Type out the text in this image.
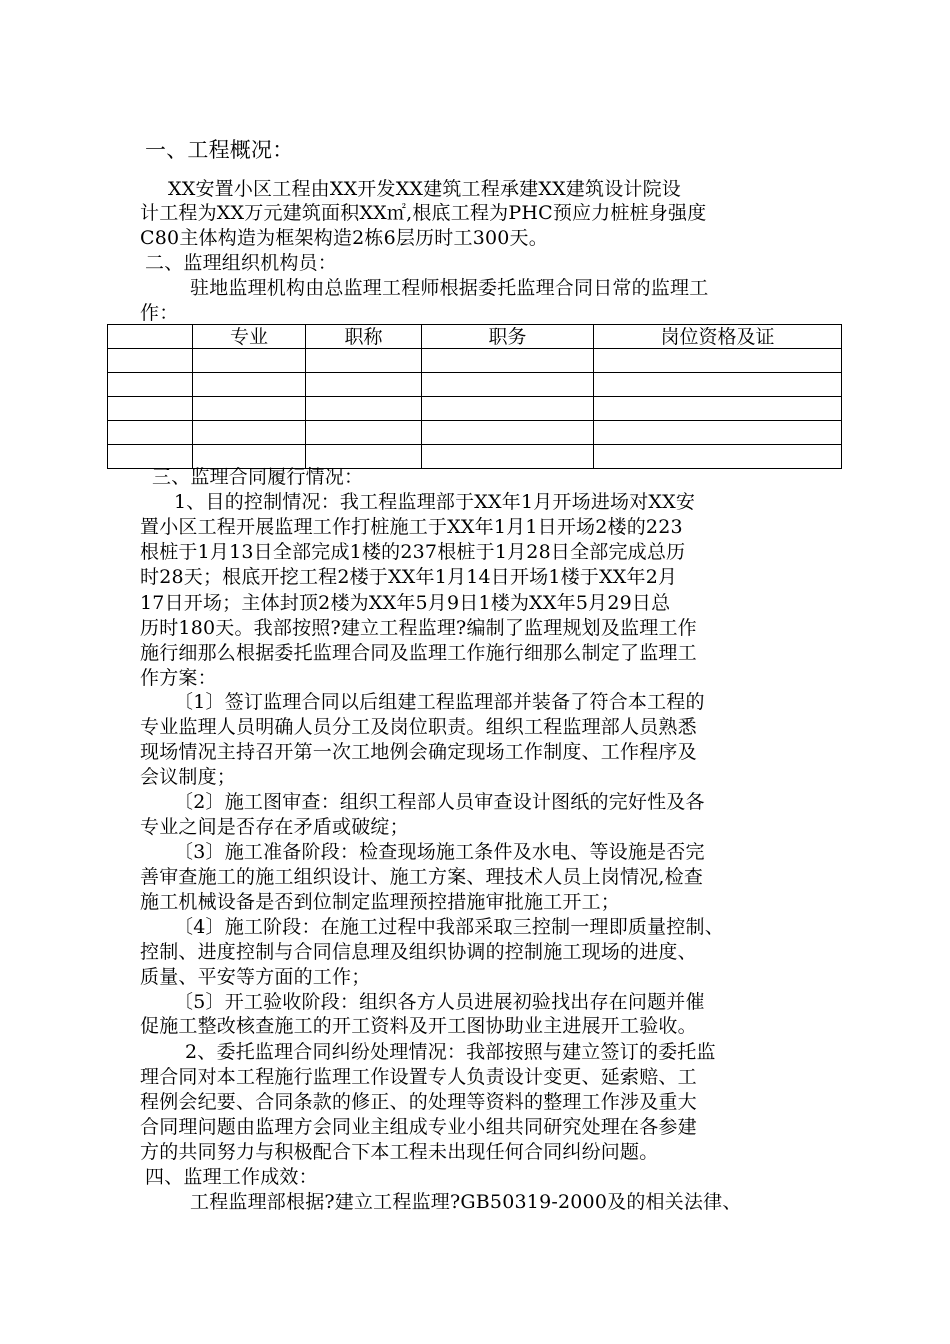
一、工程概况：
XX安置小区工程由XX开发XX建筑工程承建XX建筑设计院设
计工程为XX万元建筑面积XX㎡,根底工程为PHC预应力桩桩身强度
C80主体构造为框架构造2栋6层历时工300天。
二、监理组织机构员：
驻地监理机构由总监理工程师根据委托监理合同日常的监理工
作：
	专业	职称	职务	岗位资格及证

三、监理合同履行情况：
1、目的控制情况：我工程监理部于XX年1月开场进场对XX安
置小区工程开展监理工作打桩施工于XX年1月1日开场2楼的223
根桩于1月13日全部完成1楼的237根桩于1月28日全部完成总历
时28天；根底开挖工程2楼于XX年1月14日开场1楼于XX年2月
17日开场；主体封顶2楼为XX年5月9日1楼为XX年5月29日总
历时180天。我部按照?建立工程监理?编制了监理规划及监理工作
施行细那么根据委托监理合同及监理工作施行细那么制定了监理工
作方案：
〔1〕签订监理合同以后组建工程监理部并装备了符合本工程的
专业监理人员明确人员分工及岗位职责。组织工程监理部人员熟悉
现场情况主持召开第一次工地例会确定现场工作制度、工作程序及
会议制度；
〔2〕施工图审查：组织工程部人员审查设计图纸的完好性及各
专业之间是否存在矛盾或破绽；
〔3〕施工准备阶段：检查现场施工条件及水电、等设施是否完
善审查施工的施工组织设计、施工方案、理技术人员上岗情况,检查
施工机械设备是否到位制定监理预控措施审批施工开工；
〔4〕施工阶段：在施工过程中我部采取三控制一理即质量控制、
控制、进度控制与合同信息理及组织协调的控制施工现场的进度、
质量、平安等方面的工作；
〔5〕开工验收阶段：组织各方人员进展初验找出存在问题并催
促施工整改核查施工的开工资料及开工图协助业主进展开工验收。
2、委托监理合同纠纷处理情况：我部按照与建立签订的委托监
理合同对本工程施行监理工作设置专人负责设计变更、延索赔、工
程例会纪要、合同条款的修正、的处理等资料的整理工作涉及重大
合同理问题由监理方会同业主组成专业小组共同研究处理在各参建
方的共同努力与积极配合下本工程未出现任何合同纠纷问题。
四、监理工作成效：
工程监理部根据?建立工程监理?GB50319-2000及的相关法律、
